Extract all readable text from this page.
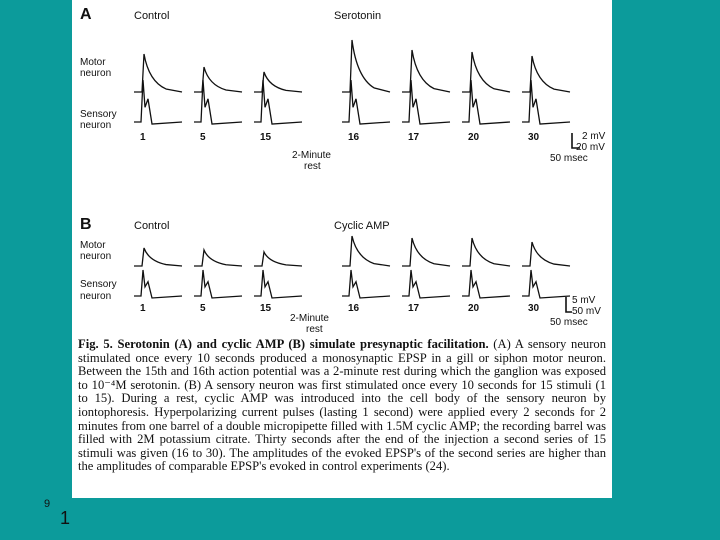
A	Control	Serotonin
Motor
neuron
Sensory
neuron
2-Minute
rest
2 mV
20 mV
50 msec
1	5	15	16	17	20	30
B	Control	Cyclic AMP
Motor
neuron
Sensory
neuron
2-Minute
rest
5 mV
50 mV
50 msec
1	5	15	16	17	20	30

Fig. 5. Serotonin (A) and cyclic AMP (B) simulate presynaptic facilitation. (A) A sensory neuron stimulated once every 10 seconds produced a monosynaptic EPSP in a gill or siphon motor neuron. Between the 15th and 16th action potential was a 2-minute rest during which the ganglion was exposed to 10⁻⁴M serotonin. (B) A sensory neuron was first stimulated once every 10 seconds for 15 stimuli (1 to 15). During a rest, cyclic AMP was introduced into the cell body of the sensory neuron by iontophoresis. Hyperpolarizing current pulses (lasting 1 second) were applied every 2 seconds for 2 minutes from one barrel of a double micropipette filled with 1.5M cyclic AMP; the recording barrel was filled with 2M potassium citrate. Thirty seconds after the end of the injection a second series of 15 stimuli was given (16 to 30). The amplitudes of the evoked EPSP's of the second series are higher than the amplitudes of comparable EPSP's evoked in control experiments (24).

9
1
